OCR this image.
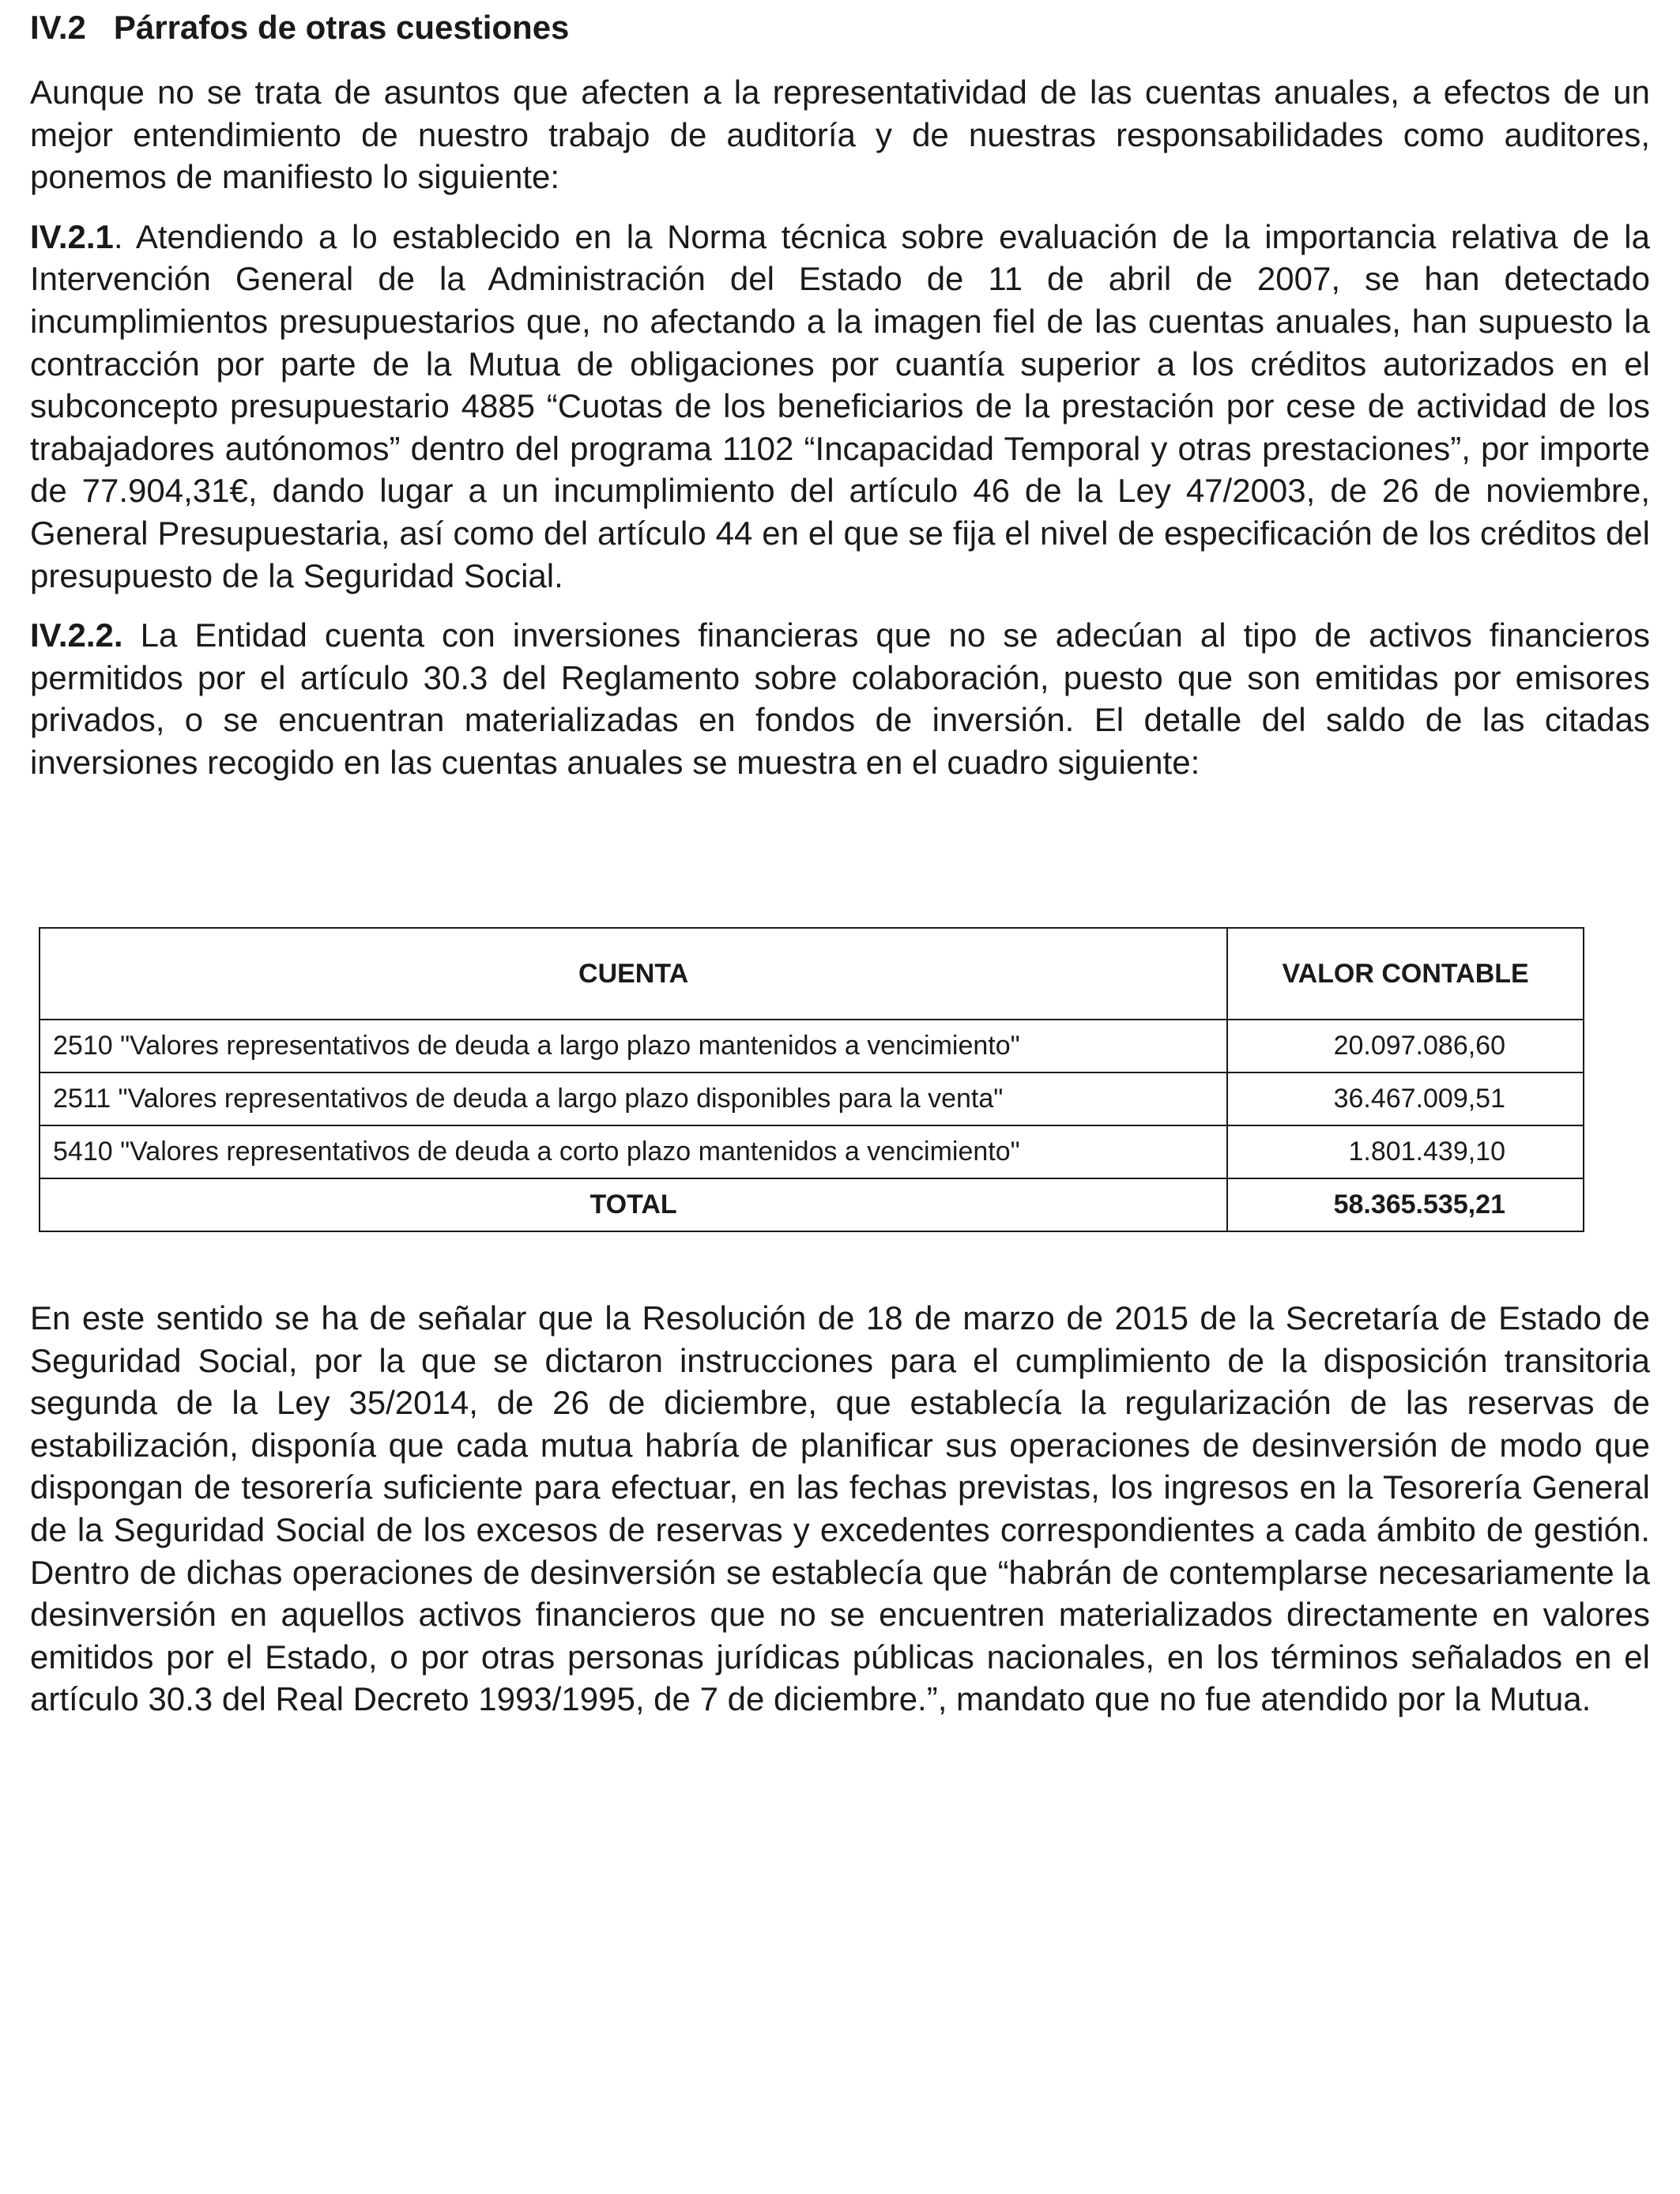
IV.2   Párrafos de otras cuestiones

Aunque no se trata de asuntos que afecten a la representatividad de las cuentas anuales, a efectos de un mejor entendimiento de nuestro trabajo de auditoría y de nuestras responsabilidades como auditores, ponemos de manifiesto lo siguiente:

IV.2.1. Atendiendo a lo establecido en la Norma técnica sobre evaluación de la importancia relativa de la Intervención General de la Administración del Estado de 11 de abril de 2007, se han detectado incumplimientos presupuestarios que, no afectando a la imagen fiel de las cuentas anuales, han supuesto la contracción por parte de la Mutua de obligaciones por cuantía superior a los créditos autorizados en el subconcepto presupuestario 4885 “Cuotas de los beneficiarios de la prestación por cese de actividad de los trabajadores autónomos” dentro del programa 1102 “Incapacidad Temporal y otras prestaciones”, por importe de 77.904,31€, dando lugar a un incumplimiento del artículo 46 de la Ley 47/2003, de 26 de noviembre, General Presupuestaria, así como del artículo 44 en el que se fija el nivel de especificación de los créditos del presupuesto de la Seguridad Social.

IV.2.2. La Entidad cuenta con inversiones financieras que no se adecúan al tipo de activos financieros permitidos por el artículo 30.3 del Reglamento sobre colaboración, puesto que son emitidas por emisores privados, o se encuentran materializadas en fondos de inversión. El detalle del saldo de las citadas inversiones recogido en las cuentas anuales se muestra en el cuadro siguiente:

CUENTA	VALOR CONTABLE
2510 "Valores representativos de deuda a largo plazo mantenidos a vencimiento"	20.097.086,60
2511 "Valores representativos de deuda a largo plazo disponibles para la venta"	36.467.009,51
5410 "Valores representativos de deuda a corto plazo mantenidos a vencimiento"	1.801.439,10
TOTAL	58.365.535,21

En este sentido se ha de señalar que la Resolución de 18 de marzo de 2015 de la Secretaría de Estado de Seguridad Social, por la que se dictaron instrucciones para el cumplimiento de la disposición transitoria segunda de la Ley 35/2014, de 26 de diciembre, que establecía la regularización de las reservas de estabilización, disponía que cada mutua habría de planificar sus operaciones de desinversión de modo que dispongan de tesorería suficiente para efectuar, en las fechas previstas, los ingresos en la Tesorería General de la Seguridad Social de los excesos de reservas y excedentes correspondientes a cada ámbito de gestión. Dentro de dichas operaciones de desinversión se establecía que “habrán de contemplarse necesariamente la desinversión en aquellos activos financieros que no se encuentren materializados directamente en valores emitidos por el Estado, o por otras personas jurídicas públicas nacionales, en los términos señalados en el artículo 30.3 del Real Decreto 1993/1995, de 7 de diciembre.”, mandato que no fue atendido por la Mutua.
